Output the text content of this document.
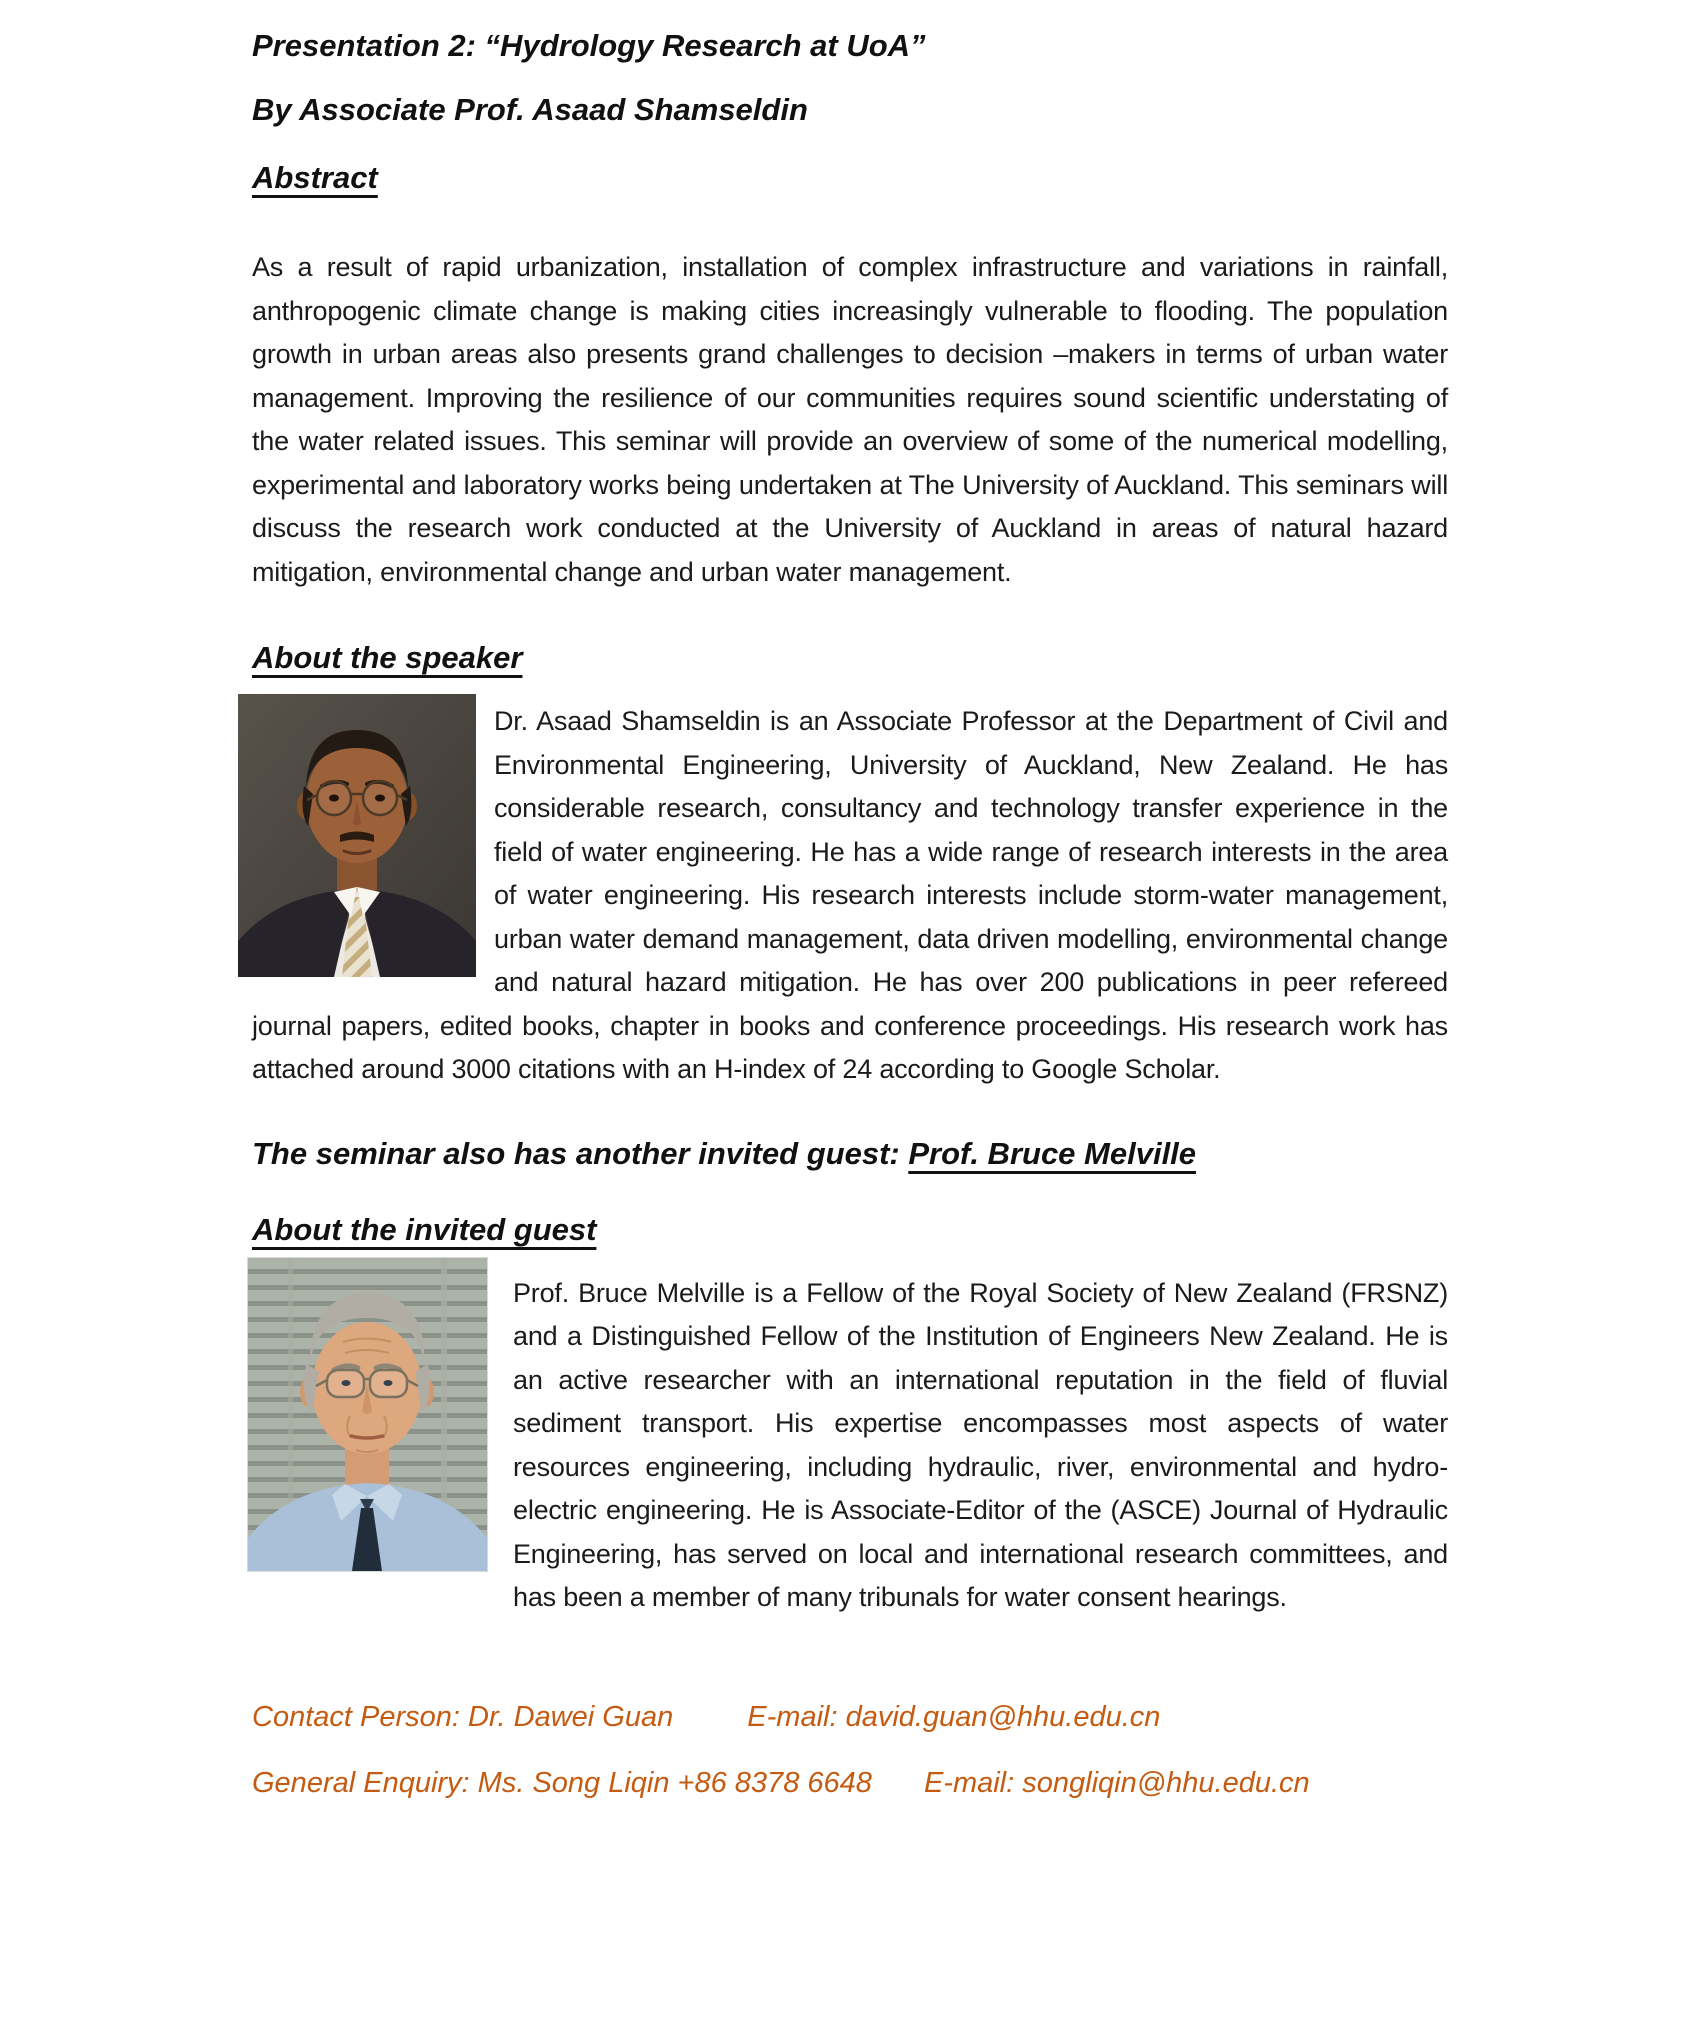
Presentation 2: “Hydrology Research at UoA”

By Associate Prof. Asaad Shamseldin

Abstract

As a result of rapid urbanization, installation of complex infrastructure and variations in rainfall, anthropogenic climate change is making cities increasingly vulnerable to flooding. The population growth in urban areas also presents grand challenges to decision –makers in terms of urban water management. Improving the resilience of our communities requires sound scientific understating of the water related issues. This seminar will provide an overview of some of the numerical modelling, experimental and laboratory works being undertaken at The University of Auckland. This seminars will discuss the research work conducted at the University of Auckland in areas of natural hazard mitigation, environmental change and urban water management.

About the speaker

Dr. Asaad Shamseldin is an Associate Professor at the Department of Civil and Environmental Engineering, University of Auckland, New Zealand. He has considerable research, consultancy and technology transfer experience in the field of water engineering. He has a wide range of research interests in the area of water engineering. His research interests include storm-water management, urban water demand management, data driven modelling, environmental change and natural hazard mitigation. He has over 200 publications in peer refereed journal papers, edited books, chapter in books and conference proceedings. His research work has attached around 3000 citations with an H-index of 24 according to Google Scholar.

The seminar also has another invited guest: Prof. Bruce Melville

About the invited guest

Prof. Bruce Melville is a Fellow of the Royal Society of New Zealand (FRSNZ) and a Distinguished Fellow of the Institution of Engineers New Zealand. He is an active researcher with an international reputation in the field of fluvial sediment transport. His expertise encompasses most aspects of water resources engineering, including hydraulic, river, environmental and hydro-electric engineering. He is Associate-Editor of the (ASCE) Journal of Hydraulic Engineering, has served on local and international research committees, and has been a member of many tribunals for water consent hearings.

Contact Person: Dr. Dawei Guan	E-mail: david.guan@hhu.edu.cn

General Enquiry: Ms. Song Liqin +86 8378 6648 E-mail: songliqin@hhu.edu.cn
